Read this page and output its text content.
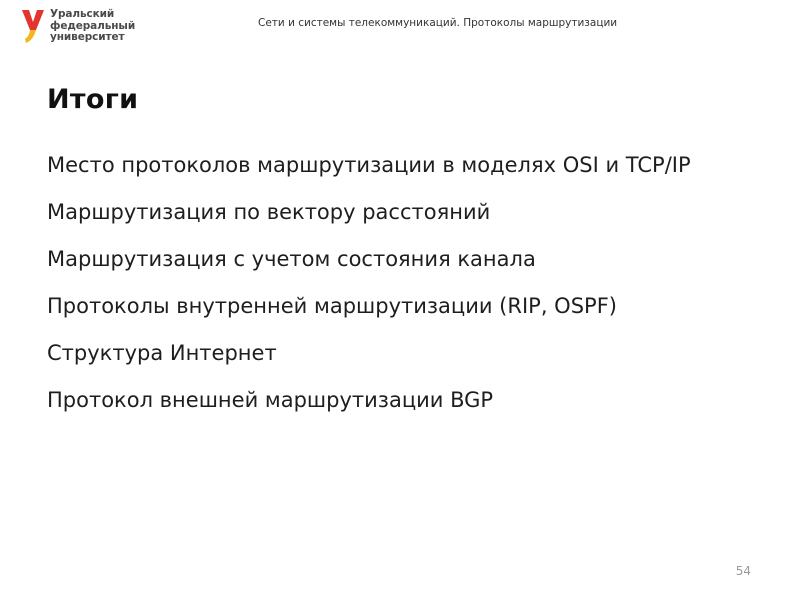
Уральский
федеральный
университет
Сети и системы телекоммуникаций. Протоколы маршрутизации
Итоги
Место протоколов маршрутизации в моделях OSI и TCP/IP
Маршрутизация по вектору расстояний
Маршрутизация с учетом состояния канала
Протоколы внутренней маршрутизации (RIP, OSPF)
Структура Интернет
Протокол внешней маршрутизации BGP
54
